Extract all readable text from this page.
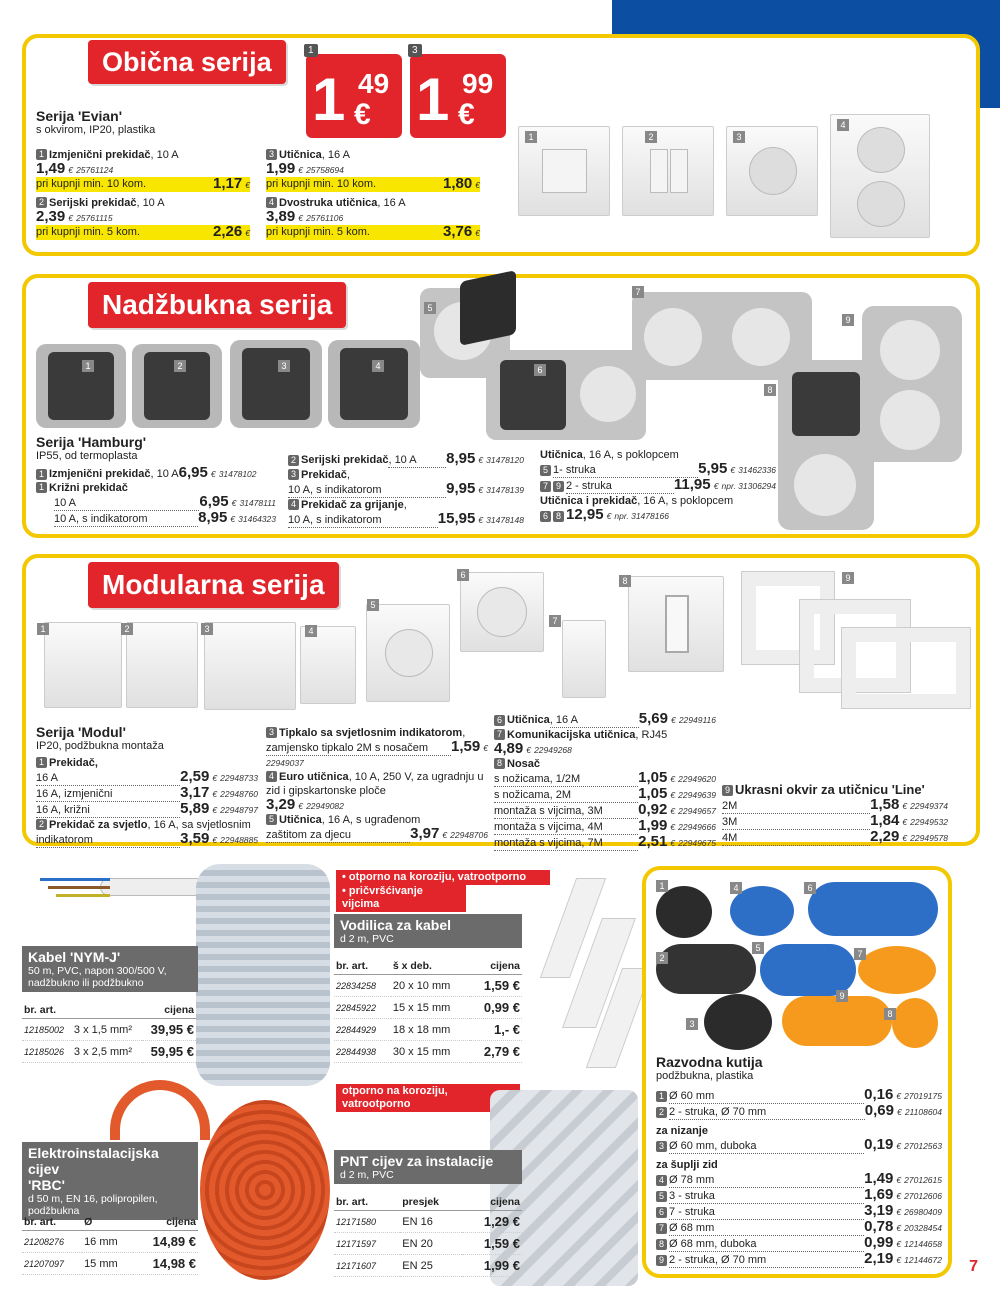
Obična serija	1
1 49
€
3
1 99
€
Serija 'Evian'
s okvirom, IP20, plastika
1 Izmjenični prekidač, 10 A
1,49 € 25761124
pri kupnji min. 10 kom.	1,17 €
2 Serijski prekidač, 10 A
2,39 € 25761115
pri kupnji min. 5 kom.	2,26 €
3 Utičnica, 16 A
1,99 € 25758694
pri kupnji min. 10 kom.	1,80 €
4 Dvostruka utičnica, 16 A
3,89 € 25761106
pri kupnji min. 5 kom.	3,76 €
1	2	3
4
Nadžbukna serija
1	2	3	4
5
6
7
8
9
Serija 'Hamburg'
IP55, od termoplasta
1 Izmjenični prekidač , 10 A 6,95
€
31478102
1 Križni prekidač
10 A	6,95
€
31478111
10 A, s indikatorom	8,95
€
31464323
2 Serijski prekidač , 10 A	8,95
€
31478120
3 Prekidač,
10 A, s indikatorom	9,95
€
31478139
4 Prekidač za grijanje,
10 A, s indikatorom	15,95
€
31478148
Utičnica, 16 A, s poklopcem
5 1- struka	5,95
€
31462336
7 9 2 - struka	11,95
€
npr. 31306294
Utičnica i prekidač, 16 A, s poklopcem
6 8 12,95
€
npr. 31478166
Modularna serija
1	2	3	4
5
6
7
8	9
Serija 'Modul'
IP20, podžbukna montaža
1 Prekidač,
16 A	2,59
€
22948733
16 A, izmjenični	3,17
€
22948760
16 A, križni	5,89
€
22948797
2 Prekidač za svjetlo, 16 A, sa svjetlosnim
indikatorom	3,59
€
22948885
3 Tipkalo sa svjetlosnim indikatorom,
zamjensko tipkalo 2M s nosačem	1,59
€
22949037
4 Euro utičnica, 10 A, 250 V, za ugradnju u
zid i gipskartonske ploče
3,29 € 22949082
5 Utičnica, 16 A, s ugrađenom
zaštitom za djecu	3,97
€
22948706
6 Utičnica , 16 A	5,69
€
22949116
7 Komunikacijska utičnica, RJ45
4,89 € 22949268
8 Nosač
s nožicama, 1/2M	1,05
€
22949620
s nožicama, 2M	1,05
€
22949639
montaža s vijcima, 3M	0,92
€
22949657
montaža s vijcima, 4M	1,99
€
22949666
montaža s vijcima, 7M	2,51
€
22949675
9 Ukrasni okvir za utičnicu 'Line'
2M	1,58
€
22949374
3M	1,84
€
22949532
4M	2,29
€
22949578
Kabel 'NYM-J'
50 m, PVC, napon 300/500 V,
nadžbukno ili podžbukno
br. art.		cijena
12185002	3 x 1,5 mm²	39,95 €
12185026	3 x 2,5 mm²	59,95 €
Elektroinstalacijska cijev
'RBC'
d 50 m, EN 16, polipropilen,
podžbukna
br. art.	Ø	cijena
21208276	16 mm	14,89 €
21207097	15 mm	14,98 €
• otporno na koroziju, vatrootporno
• pričvršćivanje vijcima
Vodilica za kabel
d 2 m, PVC
br. art.	š x deb.	cijena
22834258	20 x 10 mm	1,59 €
22845922	15 x 15 mm	0,99 €
22844929	18 x 18 mm	1,- €
22844938	30 x 15 mm	2,79 €
otporno na koroziju, vatrootporno
PNT cijev za instalacije
d 2 m, PVC
br. art.	presjek	cijena
12171580	EN 16	1,29 €
12171597	EN 20	1,59 €
12171607	EN 25	1,99 €
1
2
3
4
5
6
7
8
9
Razvodna kutija
podžbukna, plastika
1 Ø 60 mm	0,16
€
27019175
2 2 - struka, Ø 70 mm	0,69
€
21108604
za nizanje
3 Ø 60 mm, duboka	0,19
€
27012563
za šuplji zid
4 Ø 78 mm	1,49
€
27012615
5 3 - struka	1,69
€
27012606
6 7 - struka	3,19
€
26980409
7 Ø 68 mm	0,78
€
20328454
8 Ø 68 mm, duboka	0,99
€
12144658
9 2 - struka, Ø 70 mm	2,19
€
12144672 7
